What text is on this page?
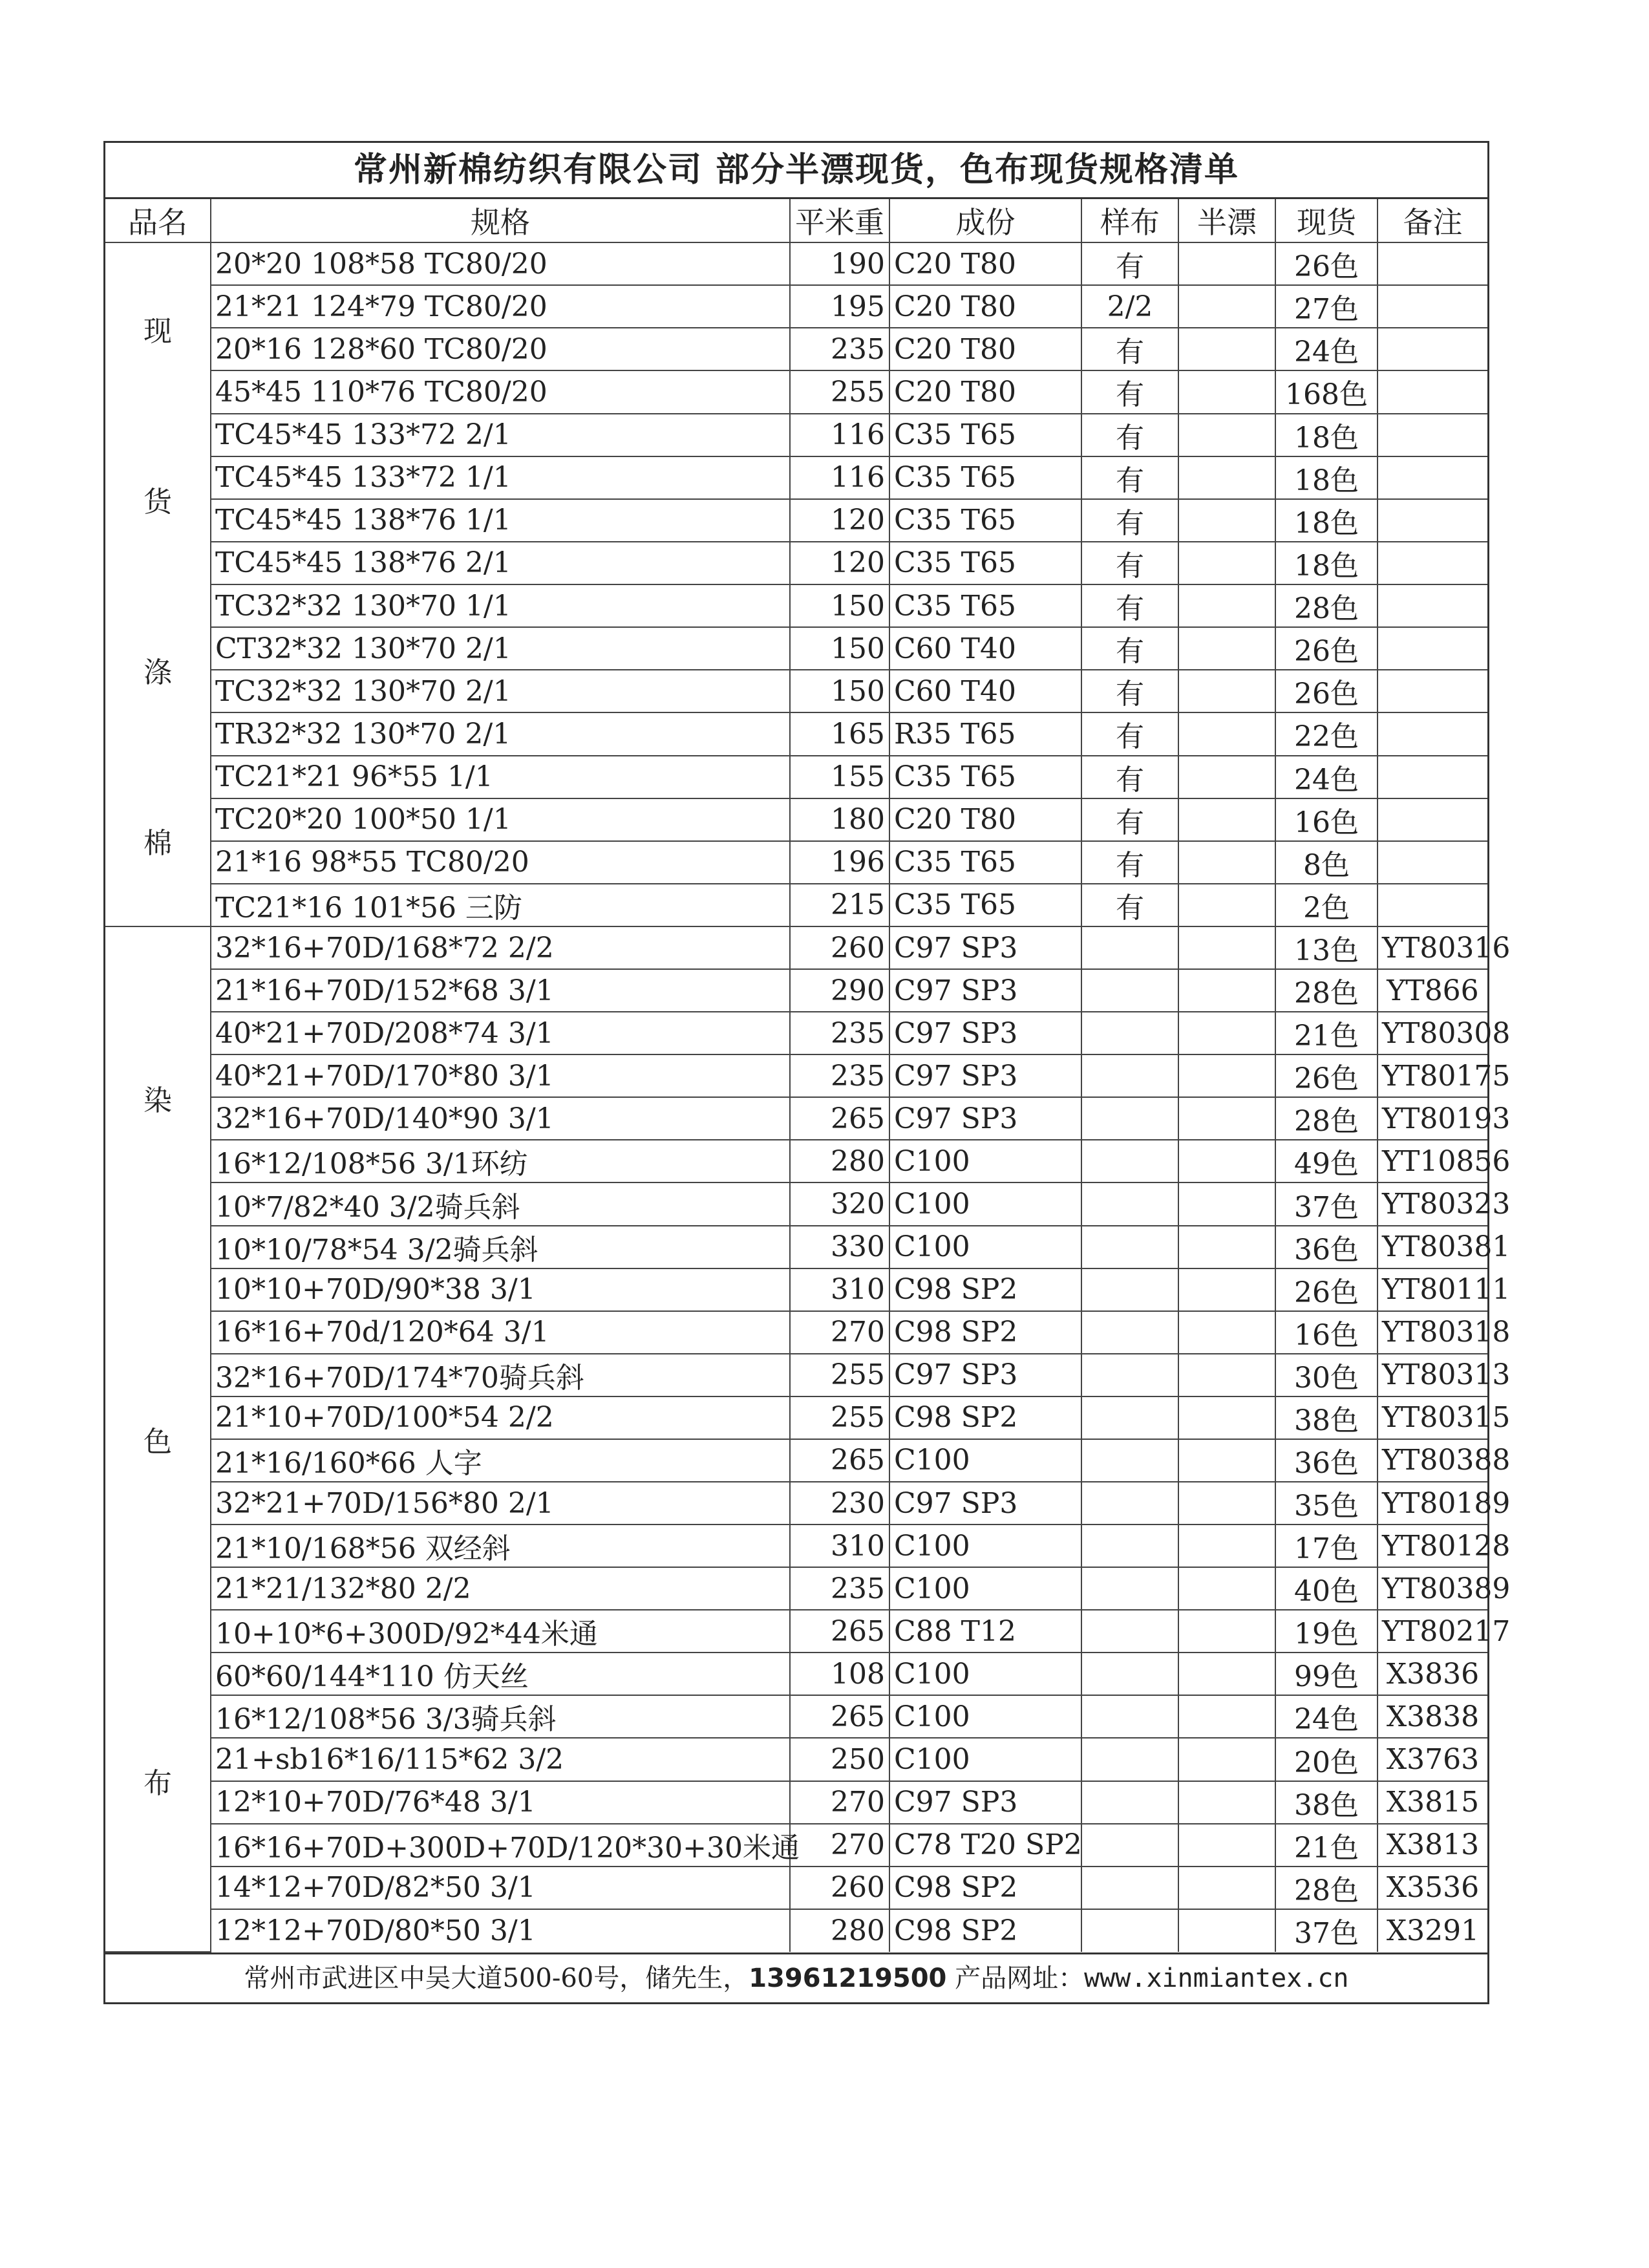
常州新棉纺织有限公司 部分半漂现货，色布现货规格清单
品名	规格	平米重	成份	样布	半漂	现货	备注

现
货
涤
棉	20*20 108*58 TC80/20	190	C20 T80	有		26色	
	21*21 124*79 TC80/20	195	C20 T80	2/2		27色	
	20*16 128*60 TC80/20	235	C20 T80	有		24色	
	45*45 110*76 TC80/20	255	C20 T80	有		168色	
	TC45*45 133*72 2/1	116	C35 T65	有		18色	
	TC45*45 133*72 1/1	116	C35 T65	有		18色	
	TC45*45 138*76 1/1	120	C35 T65	有		18色	
	TC45*45 138*76 2/1	120	C35 T65	有		18色	
	TC32*32 130*70 1/1	150	C35 T65	有		28色	
	CT32*32 130*70 2/1	150	C60 T40	有		26色	
	TC32*32 130*70 2/1	150	C60 T40	有		26色	
	TR32*32 130*70 2/1	165	R35 T65	有		22色	
	TC21*21 96*55 1/1	155	C35 T65	有		24色	
	TC20*20 100*50 1/1	180	C20 T80	有		16色	
	21*16 98*55 TC80/20	196	C35 T65	有		8色	
	TC21*16 101*56 三防	215	C35 T65	有		2色	

染
色
布	32*16+70D/168*72 2/2	260	C97 SP3			13色	YT80316
	21*16+70D/152*68 3/1	290	C97 SP3			28色	YT866
	40*21+70D/208*74 3/1	235	C97 SP3			21色	YT80308
	40*21+70D/170*80 3/1	235	C97 SP3			26色	YT80175
	32*16+70D/140*90 3/1	265	C97 SP3			28色	YT80193
	16*12/108*56 3/1环纺	280	C100			49色	YT10856
	10*7/82*40 3/2骑兵斜	320	C100			37色	YT80323
	10*10/78*54 3/2骑兵斜	330	C100			36色	YT80381
	10*10+70D/90*38 3/1	310	C98 SP2			26色	YT80111
	16*16+70d/120*64 3/1	270	C98 SP2			16色	YT80318
	32*16+70D/174*70骑兵斜	255	C97 SP3			30色	YT80313
	21*10+70D/100*54 2/2	255	C98 SP2			38色	YT80315
	21*16/160*66 人字	265	C100			36色	YT80388
	32*21+70D/156*80 2/1	230	C97 SP3			35色	YT80189
	21*10/168*56 双经斜	310	C100			17色	YT80128
	21*21/132*80 2/2	235	C100			40色	YT80389
	10+10*6+300D/92*44米通	265	C88 T12			19色	YT80217
	60*60/144*110 仿天丝	108	C100			99色	X3836
	16*12/108*56 3/3骑兵斜	265	C100			24色	X3838
	21+sb16*16/115*62 3/2	250	C100			20色	X3763
	12*10+70D/76*48 3/1	270	C97 SP3			38色	X3815
	16*16+70D+300D+70D/120*30+30米通	270	C78 T20 SP2			21色	X3813
	14*12+70D/82*50 3/1	260	C98 SP2			28色	X3536
	12*12+70D/80*50 3/1	280	C98 SP2			37色	X3291
常州市武进区中吴大道500-60号，储先生，13961219500 产品网址：www.xinmiantex.cn
